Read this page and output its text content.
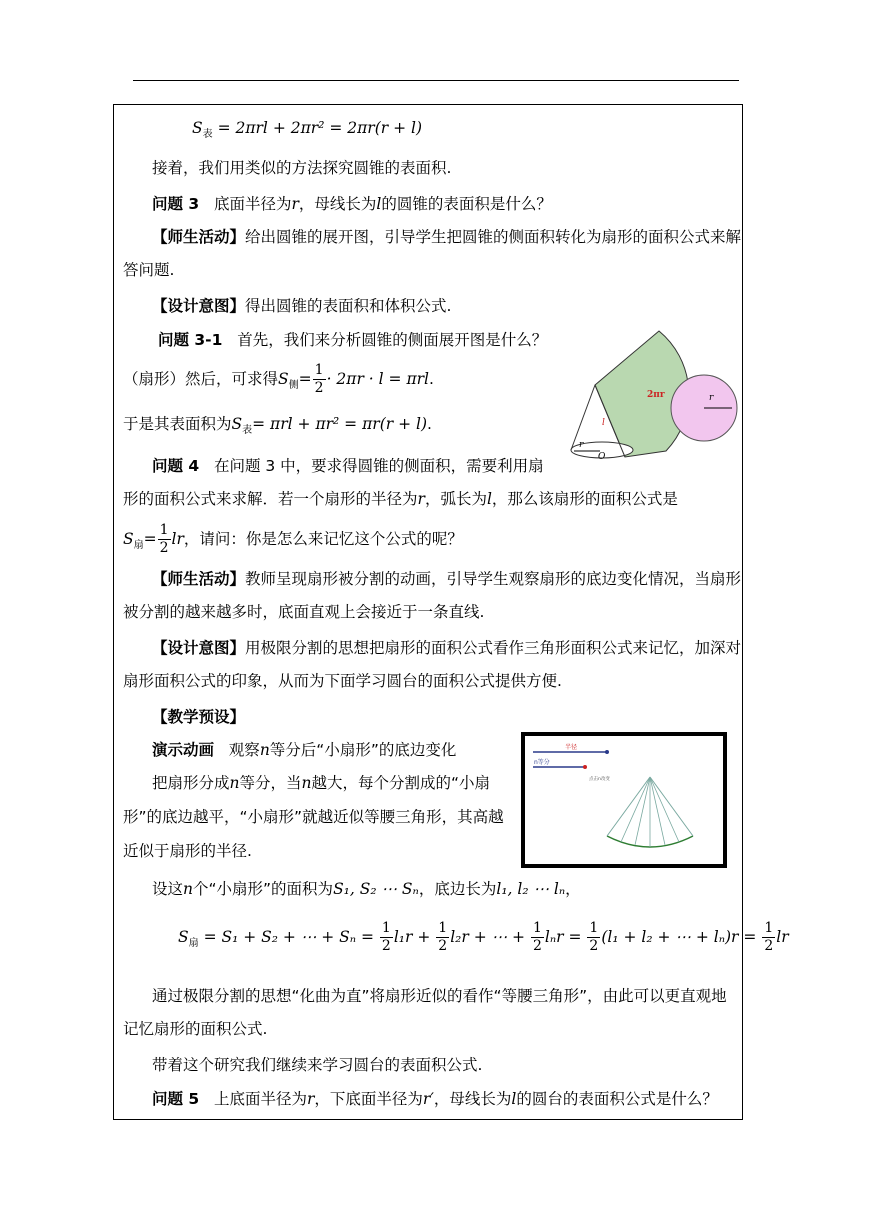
$S_表 = 2\pi rl + 2\pi r^2 = 2\pi r(r + l)$
接着，我们用类似的方法探究圆锥的表面积.
问题 3 底面半径为r，母线长为l的圆锥的表面积是什么？
【师生活动】给出圆锥的展开图，引导学生把圆锥的侧面积转化为扇形的面积公式来解
答问题.
【设计意图】得出圆锥的表面积和体积公式.
问题 3-1 首先，我们来分析圆锥的侧面展开图是什么？
（扇形）然后，可求得$S_侧= \frac{1}{2} \cdot 2\pi r \cdot l = \pi rl$.
于是其表面积为$S_表= \pi rl + \pi r^2 = \pi r(r + l)$.
r
r
O
l
2πr
问题 4 在问题 3 中，要求得圆锥的侧面积，需要利用扇
形的面积公式来求解．若一个扇形的半径为r，弧长为l，那么该扇形的面积公式是
$S_扇= \frac{1}{2}$ lr，请问：你是怎么来记忆这个公式的呢？
【师生活动】教师呈现扇形被分割的动画，引导学生观察扇形的底边变化情况，当扇形
被分割的越来越多时，底面直观上会接近于一条直线.
【设计意图】用极限分割的思想把扇形的面积公式看作三角形面积公式来记忆，加深对
扇形面积公式的印象，从而为下面学习圆台的面积公式提供方便.
【教学预设】
演示动画 观察n等分后“小扇形”的底边变化
把扇形分成n等分，当n越大，每个分割成的“小扇
形”的底边越平，“小扇形”就越近似等腰三角形，其高越
近似于扇形的半径.
半径
n等分
点击n改变
设这n个“小扇形”的面积为S₁, S₂ ⋯ Sₙ，底边长为l₁, l₂ ⋯ lₙ，
$S_扇 = S_1 + S_2$ + ⋯ + $S_n = \frac{1}{2} l_1r + \frac{1}{2} l_2r$ + ⋯ + $\frac{1}{2}$ $l_nr = \frac{1}{2} (l_1 + l_2$ + ⋯ + $l_n)r = \frac{1}{2}$ lr
通过极限分割的思想“化曲为直”将扇形近似的看作“等腰三角形”，由此可以更直观地
记忆扇形的面积公式.
带着这个研究我们继续来学习圆台的表面积公式.
问题 5 上底面半径为r，下底面半径为r′，母线长为l的圆台的表面积公式是什么？
